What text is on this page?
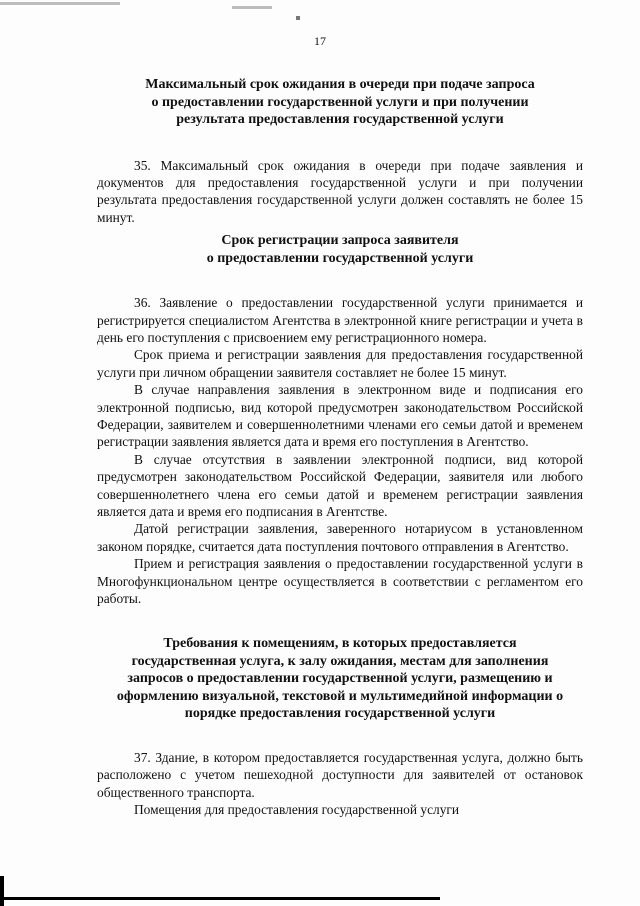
17

Максимальный срок ожидания в очереди при подаче запроса

о предоставлении государственной услуги и при получении

результата предоставления государственной услуги

35. Максимальный срок ожидания в очереди при подаче заявления и документов для предоставления государственной услуги и при получении результата предоставления государственной услуги должен составлять не более 15 минут.

Срок регистрации запроса заявителя

о предоставлении государственной услуги

36. Заявление о предоставлении государственной услуги принимается и регистрируется специалистом Агентства в электронной книге регистрации и учета в день его поступления с присвоением ему регистрационного номера.

Срок приема и регистрации заявления для предоставления государственной услуги при личном обращении заявителя составляет не более 15 минут.

В случае направления заявления в электронном виде и подписания его электронной подписью, вид которой предусмотрен законодательством Российской Федерации, заявителем и совершеннолетними членами его семьи датой и временем регистрации заявления является дата и время его поступления в Агентство.

В случае отсутствия в заявлении электронной подписи, вид которой предусмотрен законодательством Российской Федерации, заявителя или любого совершеннолетнего члена его семьи датой и временем регистрации заявления является дата и время его подписания в Агентстве.

Датой регистрации заявления, заверенного нотариусом в установленном законом порядке, считается дата поступления почтового отправления в Агентство.

Прием и регистрация заявления о предоставлении государственной услуги в Многофункциональном центре осуществляется в соответствии с регламентом его работы.

Требования к помещениям, в которых предоставляется

государственная услуга, к залу ожидания, местам для заполнения

запросов о предоставлении государственной услуги, размещению и

оформлению визуальной, текстовой и мультимедийной информации о

порядке предоставления государственной услуги

37. Здание, в котором предоставляется государственная услуга, должно быть расположено с учетом пешеходной доступности для заявителей от остановок общественного транспорта.

Помещения для предоставления государственной услуги
